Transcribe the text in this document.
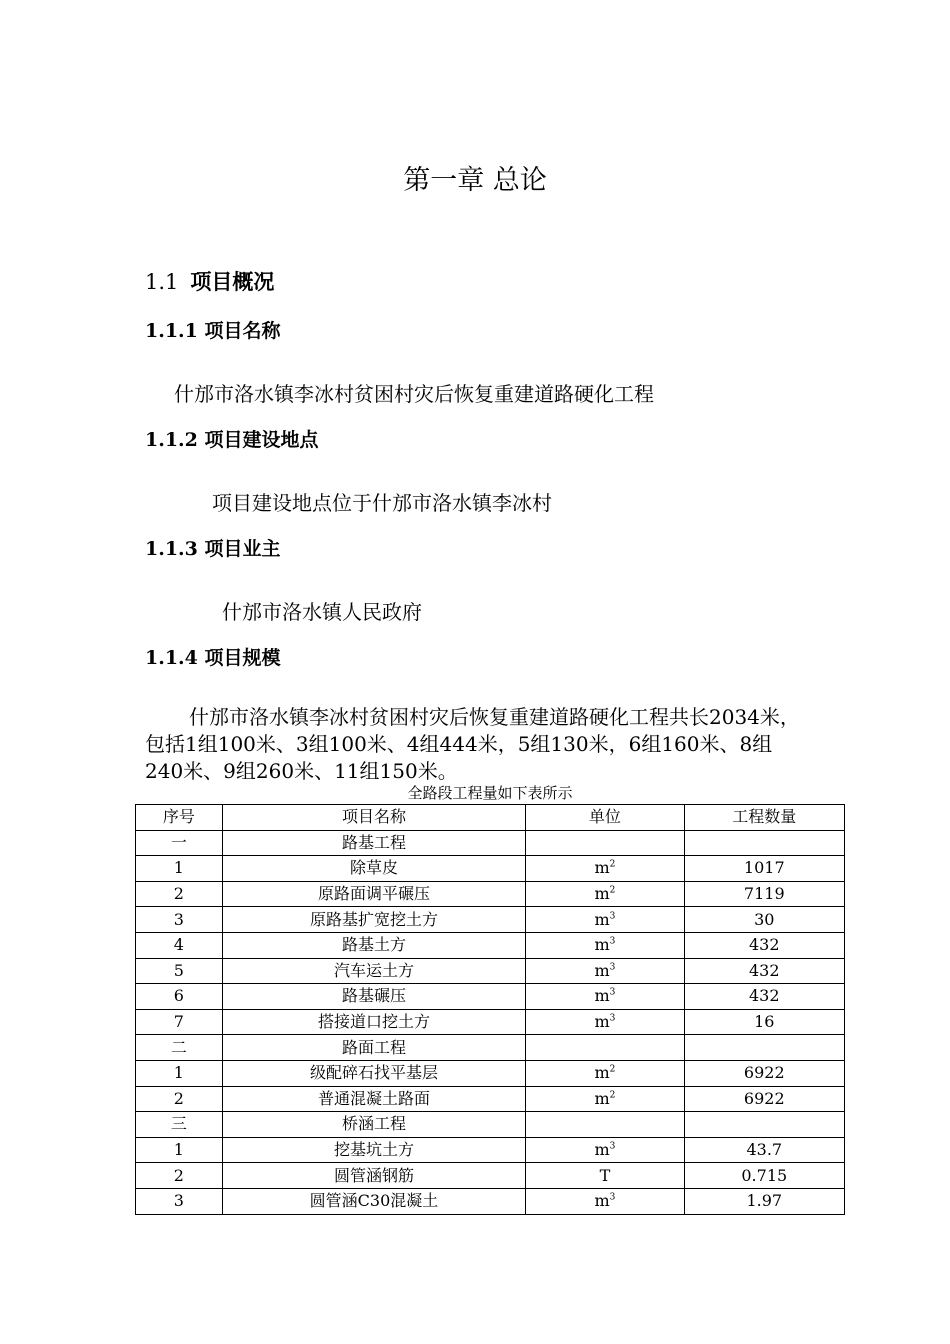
第一章 总论
1.1 项目概况
1.1.1 项目名称
什邡市洛水镇李冰村贫困村灾后恢复重建道路硬化工程
1.1.2 项目建设地点
项目建设地点位于什邡市洛水镇李冰村
1.1.3 项目业主
什邡市洛水镇人民政府
1.1.4 项目规模
什邡市洛水镇李冰村贫困村灾后恢复重建道路硬化工程共长2034米，包括1组100米、3组100米、4组444米，5组130米，6组160米、8组240米、9组260米、11组150米。
全路段工程量如下表所示
序号	项目名称	单位	工程数量
一	路基工程		
1	除草皮	$m^2$	1017
2	原路面调平碾压	$m^2$	7119
3	原路基扩宽挖土方	$m^3$	30
4	路基土方	$m^3$	432
5	汽车运土方	$m^3$	432
6	路基碾压	$m^3$	432
7	搭接道口挖土方	$m^3$	16
二	路面工程		
1	级配碎石找平基层	$m^2$	6922
2	普通混凝土路面	$m^2$	6922
三	桥涵工程		
1	挖基坑土方	$m^3$	43.7
2	圆管涵钢筋	T	0.715
3	圆管涵C30混凝土	$m^3$	1.97
